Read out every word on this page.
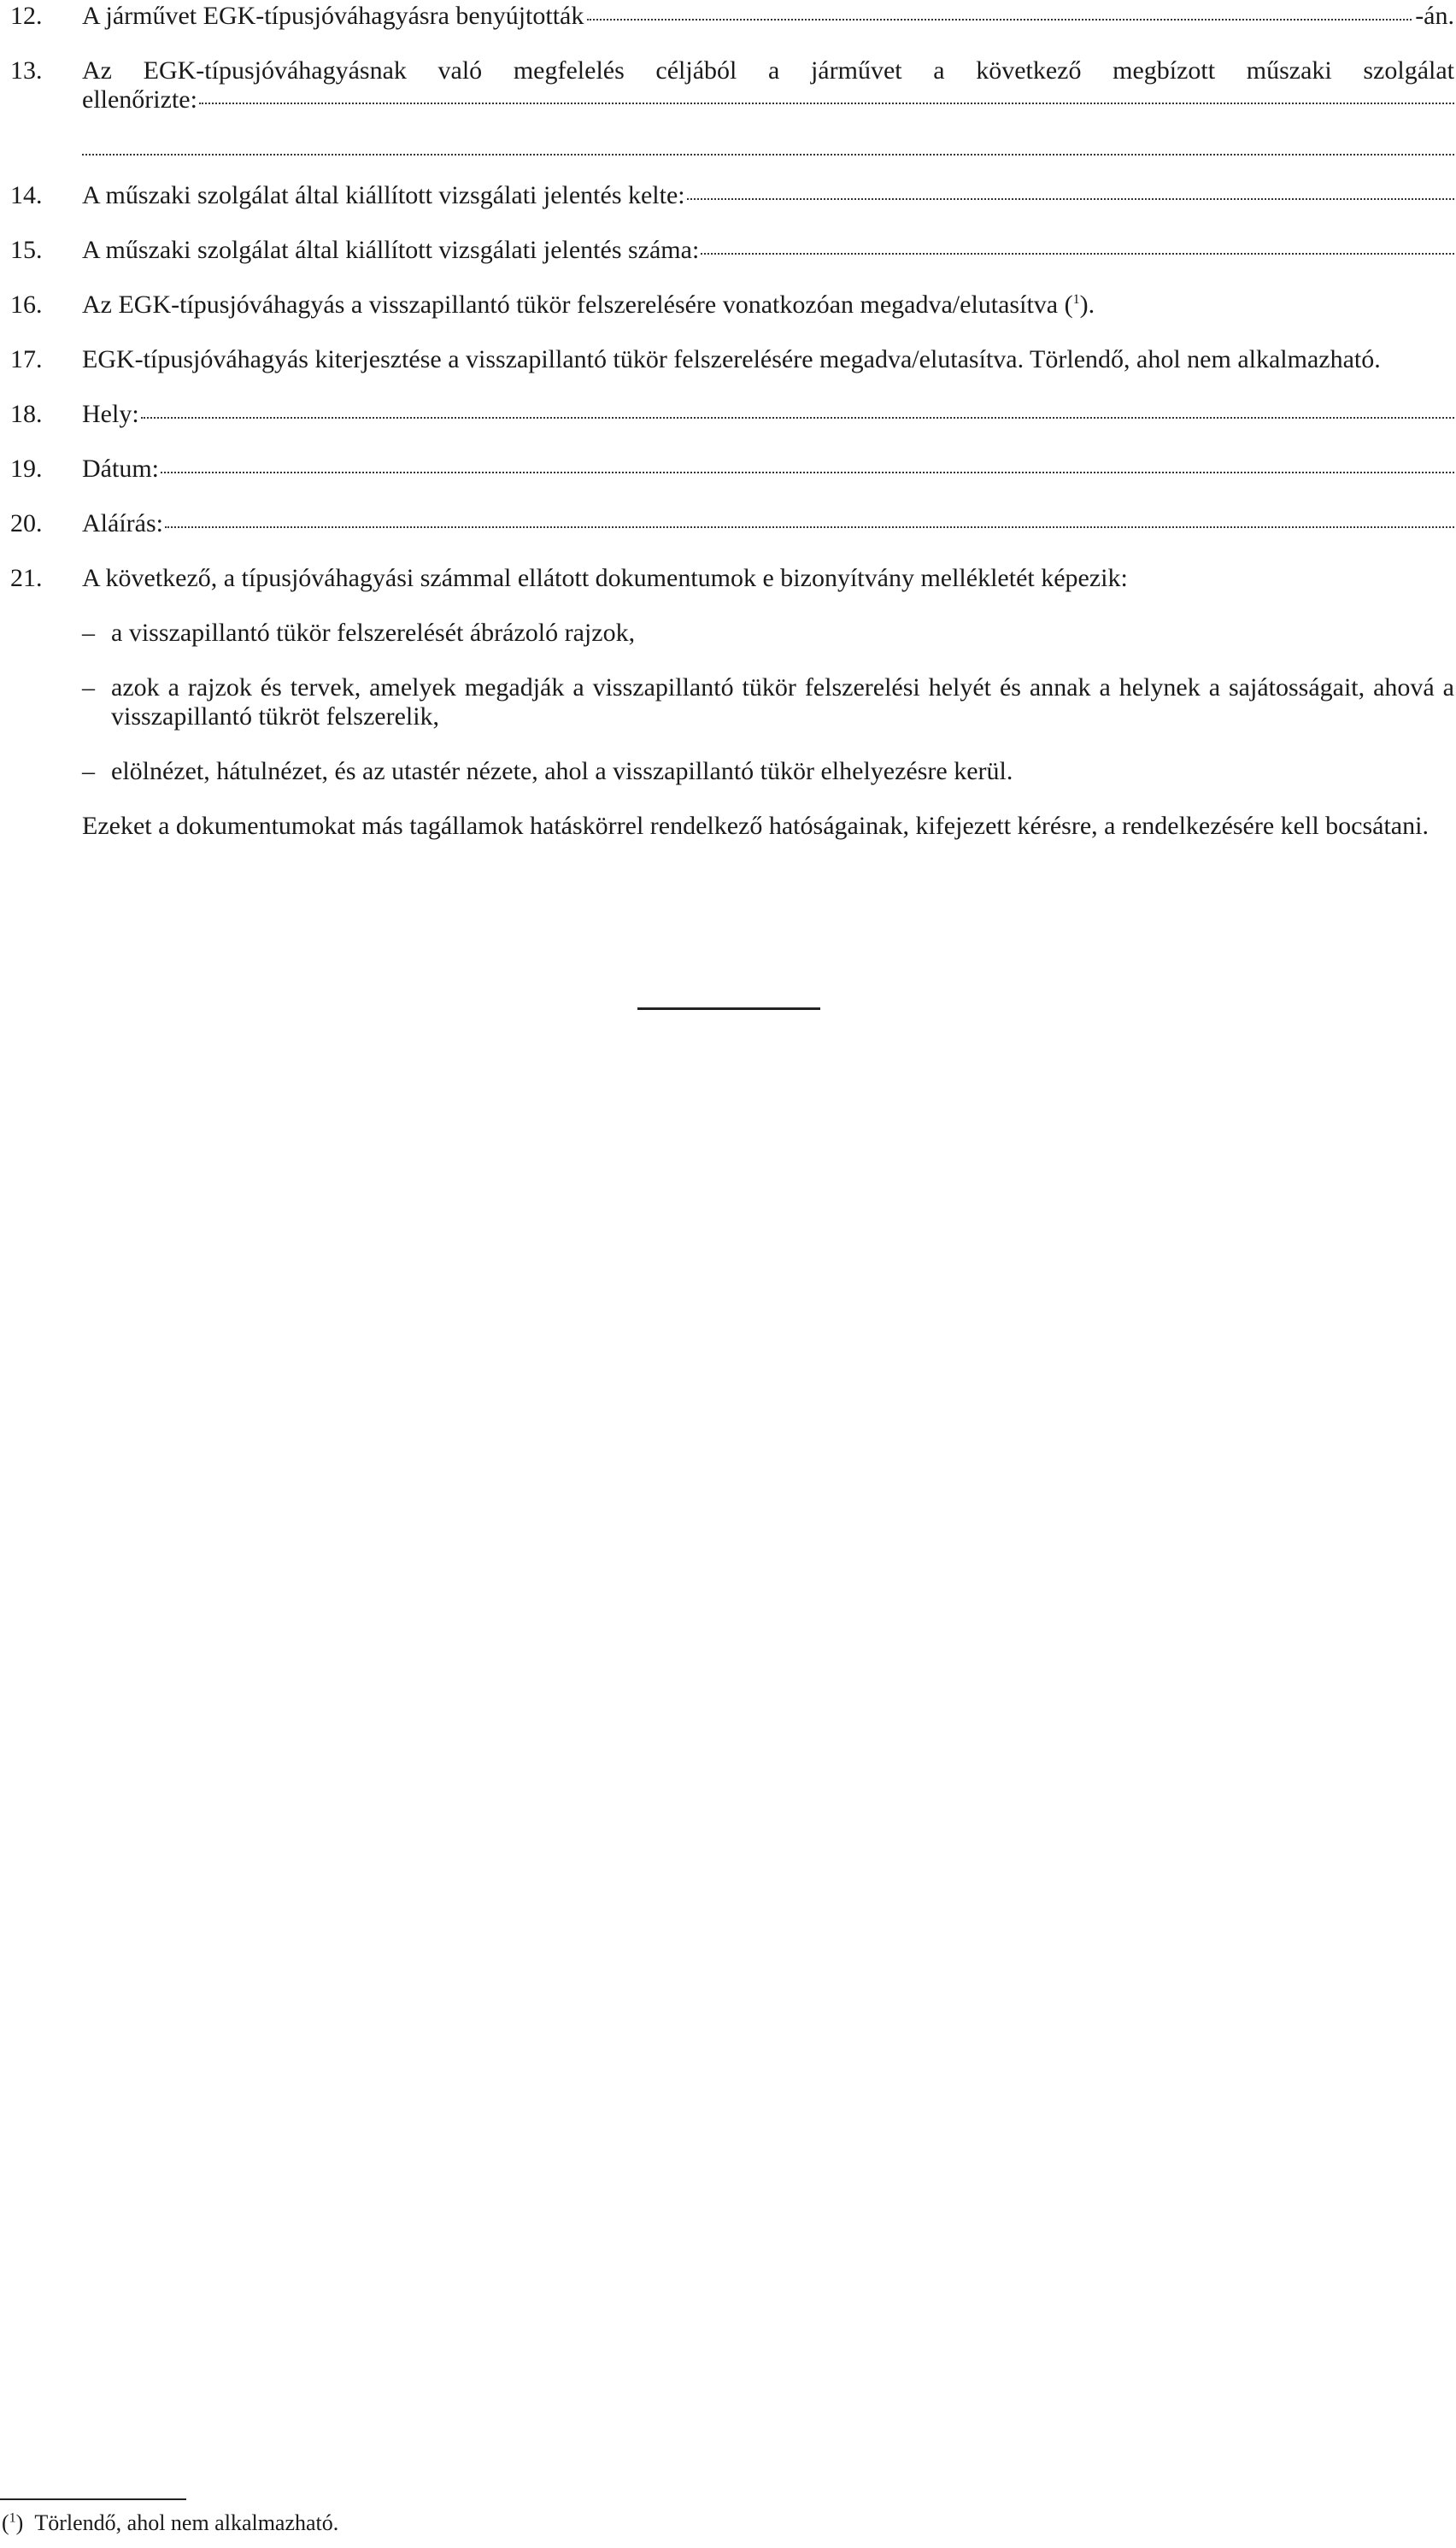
12.	A járművet EGK-típusjóváhagyásra benyújtották	-án.
13.	Az EGK-típusjóváhagyásnak való megfelelés céljából a járművet a következő megbízott műszaki szolgálat
ellenőrizte:
14.	A műszaki szolgálat által kiállított vizsgálati jelentés kelte:
15.	A műszaki szolgálat által kiállított vizsgálati jelentés száma:
16.	Az EGK-típusjóváhagyás a visszapillantó tükör felszerelésére vonatkozóan megadva/elutasítva ($^1$).
17.	EGK-típusjóváhagyás kiterjesztése a visszapillantó tükör felszerelésére megadva/elutasítva. Törlendő, ahol nem alkalmazható.
18.	Hely:
19.	Dátum:
20.	Aláírás:
21.	A következő, a típusjóváhagyási számmal ellátott dokumentumok e bizonyítvány mellékletét képezik:
– a visszapillantó tükör felszerelését ábrázoló rajzok,
– azok a rajzok és tervek, amelyek megadják a visszapillantó tükör felszerelési helyét és annak a helynek a sajátosságait, ahová a visszapillantó tükröt felszerelik,
– elölnézet, hátulnézet, és az utastér nézete, ahol a visszapillantó tükör elhelyezésre kerül.
Ezeket a dokumentumokat más tagállamok hatáskörrel rendelkező hatóságainak, kifejezett kérésre, a rendelkezésére kell bocsátani.
($^1$)  Törlendő, ahol nem alkalmazható.
